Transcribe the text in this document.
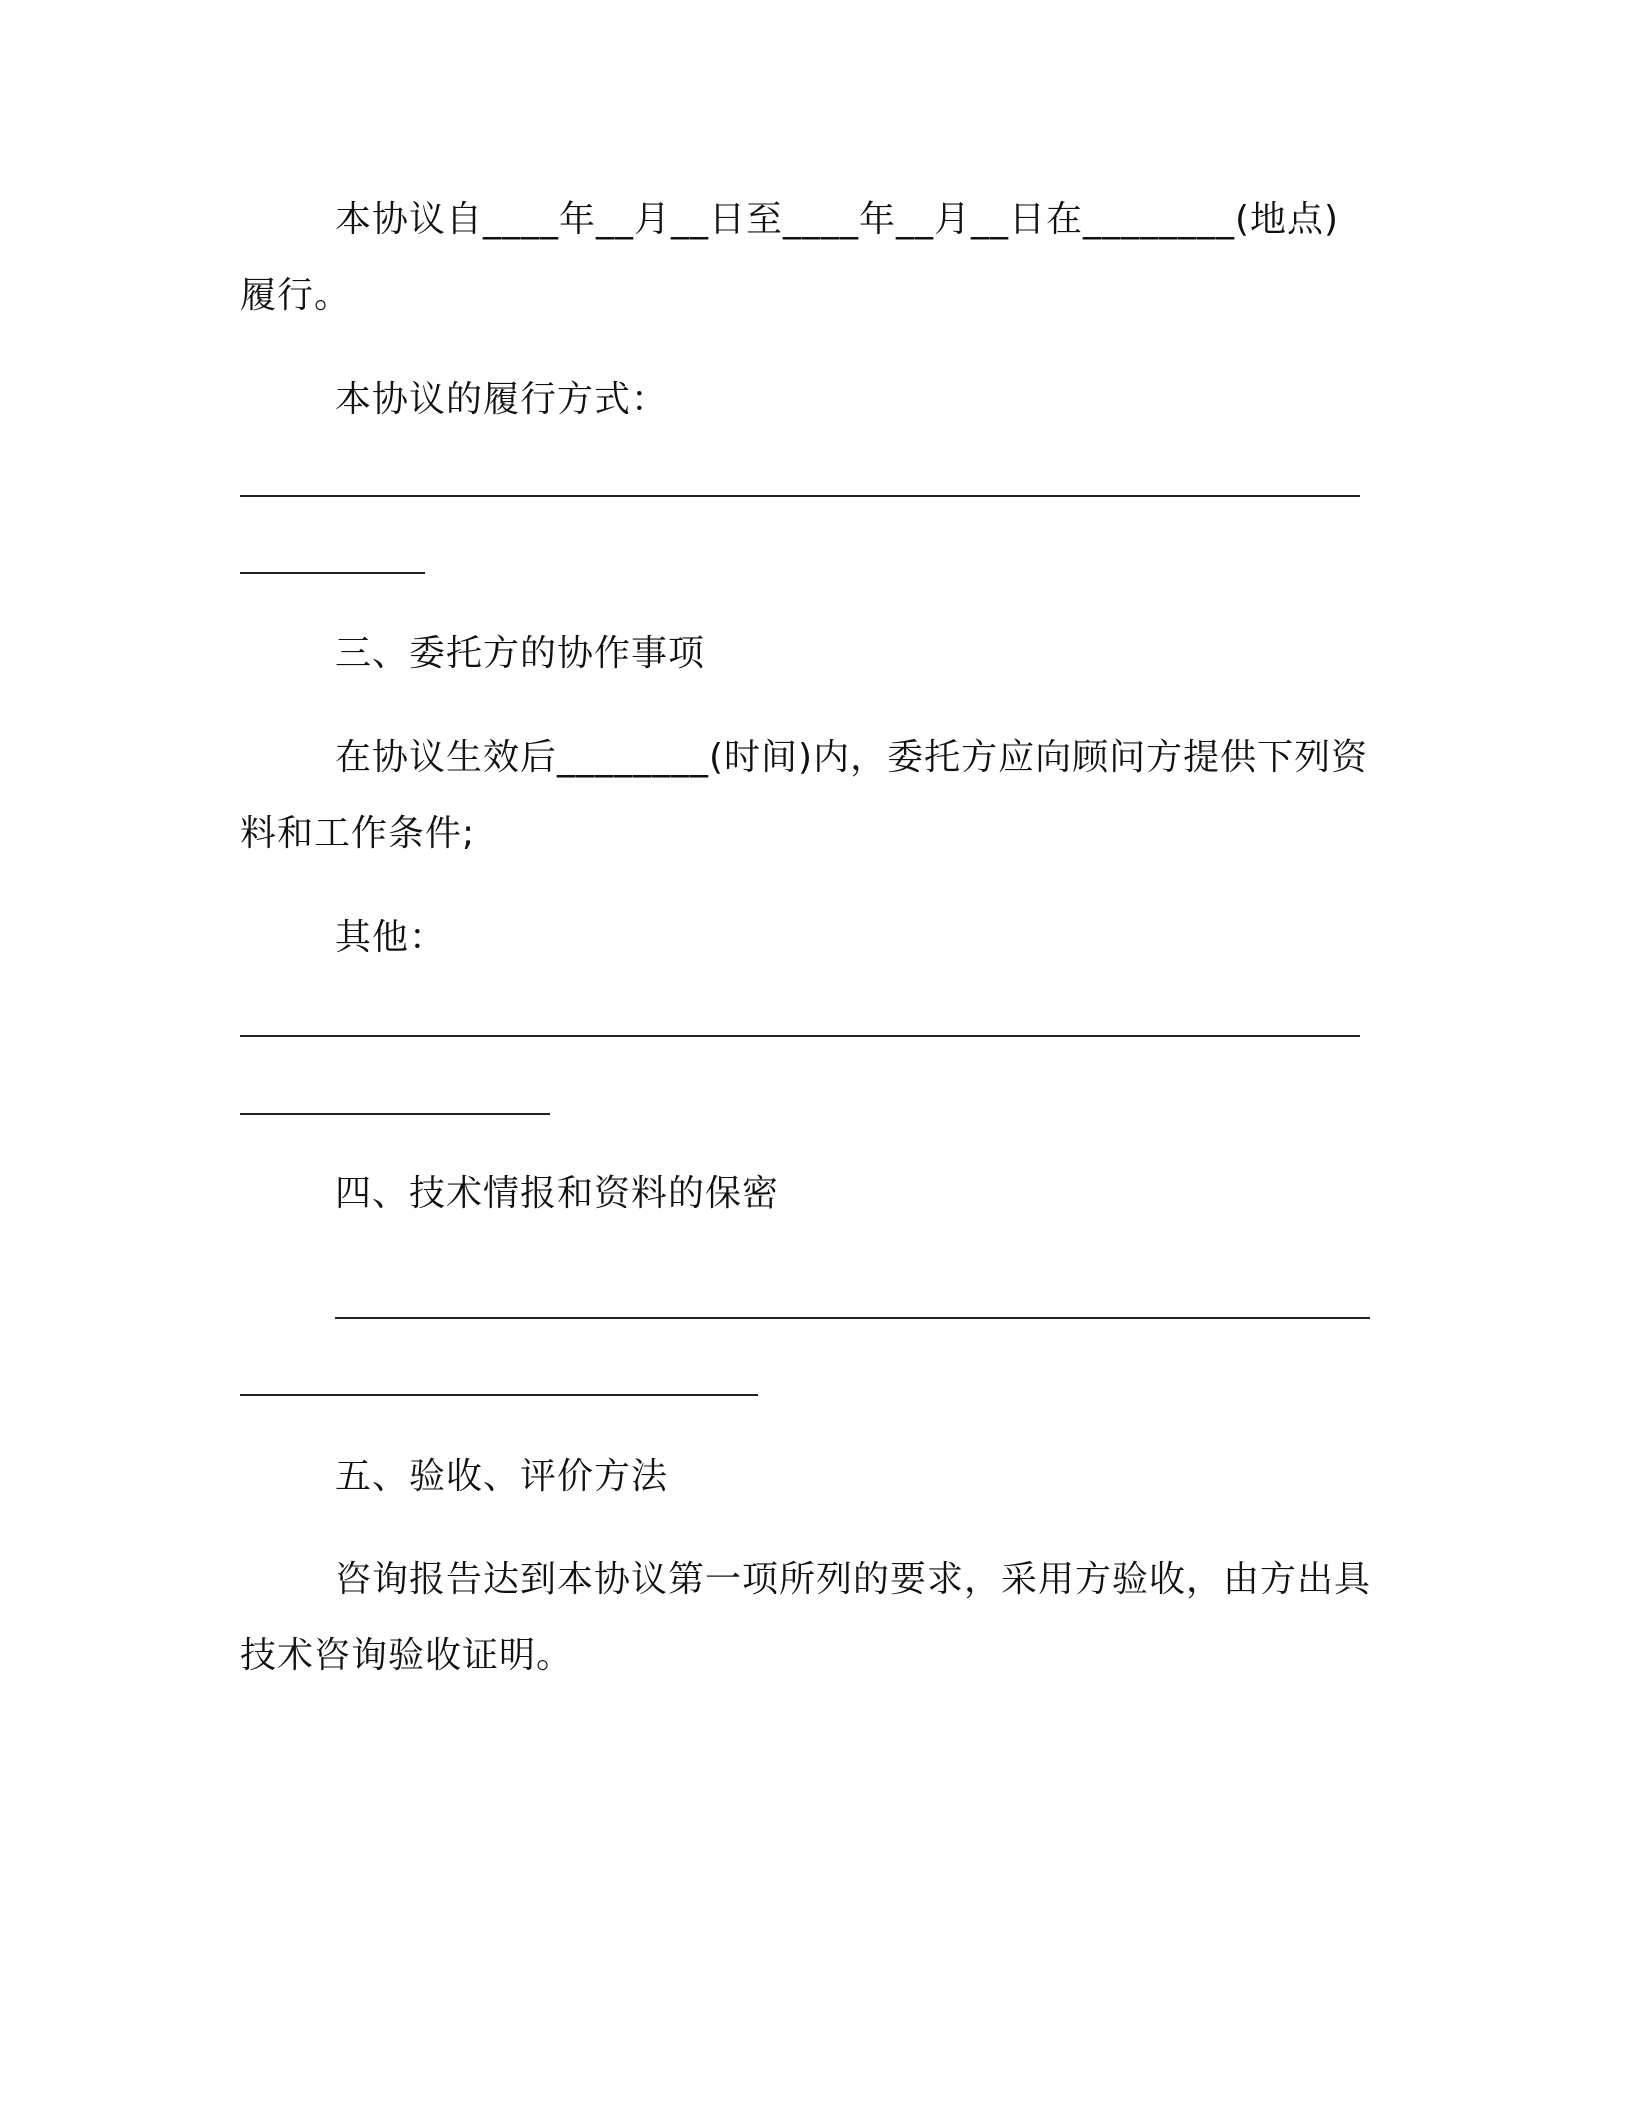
本协议自____年__月__日至____年__月__日在________(地点)
履行。
本协议的履行方式：
三、委托方的协作事项
在协议生效后________(时间)内，委托方应向顾问方提供下列资
料和工作条件;
其他：
四、技术情报和资料的保密
五、验收、评价方法
咨询报告达到本协议第一项所列的要求，采用方验收，由方出具
技术咨询验收证明。
